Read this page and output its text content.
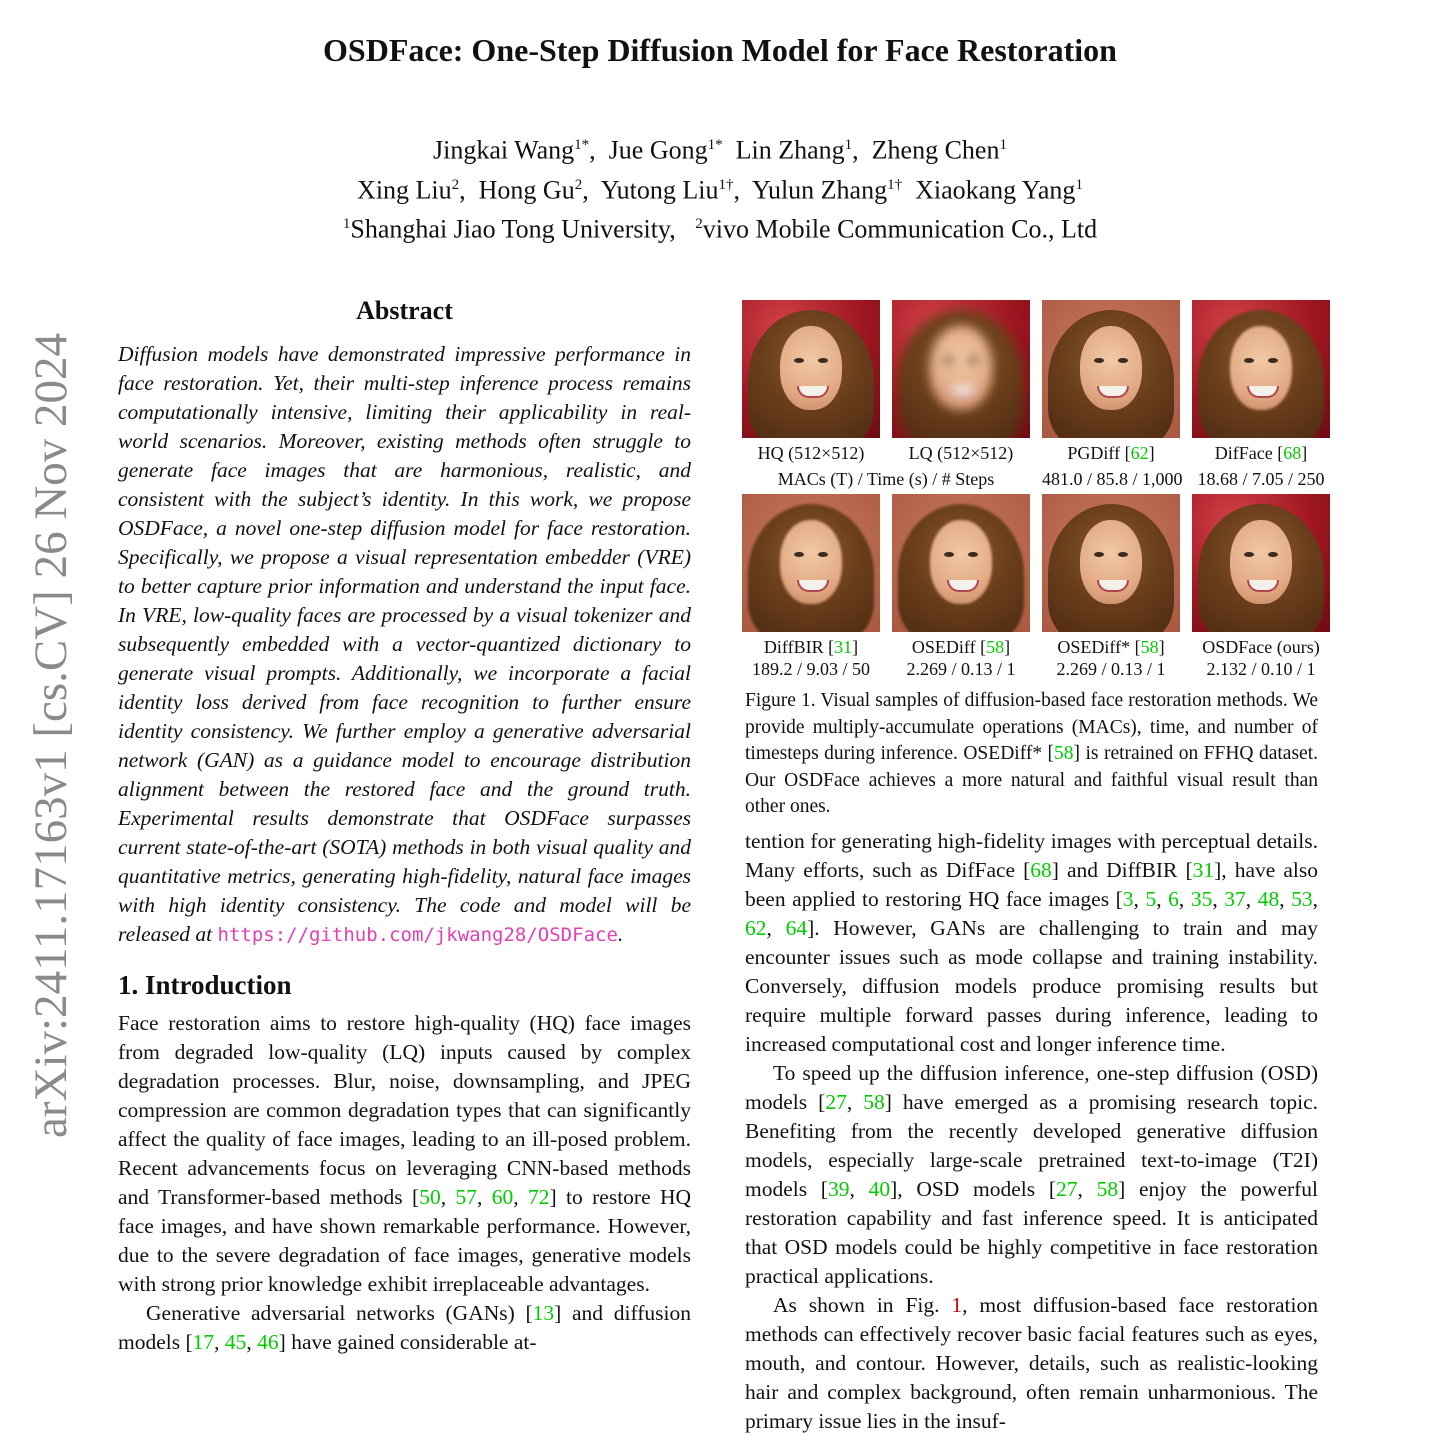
OSDFace: One-Step Diffusion Model for Face Restoration
Jingkai Wang$^{1*}$,  Jue Gong$^{1*}$ Lin Zhang$^1$,  Zheng Chen$^1$
Xing Liu$^2$,  Hong Gu$^2$,  Yutong Liu$^{1\dagger}$,  Yulun Zhang$^{1\dagger}$ Xiaokang Yang$^1$
$^1$Shanghai Jiao Tong University, $^2$vivo Mobile Communication Co., Ltd
arXiv:2411.17163v1 [cs.CV] 26 Nov 2024
Abstract

Diffusion models have demonstrated impressive performance in face restoration. Yet, their multi-step inference process remains computationally intensive, limiting their applicability in real-world scenarios. Moreover, existing methods often struggle to generate face images that are harmonious, realistic, and consistent with the subject’s identity. In this work, we propose OSDFace, a novel one-step diffusion model for face restoration. Specifically, we propose a visual representation embedder (VRE) to better capture prior information and understand the input face. In VRE, low-quality faces are processed by a visual tokenizer and subsequently embedded with a vector-quantized dictionary to generate visual prompts. Additionally, we incorporate a facial identity loss derived from face recognition to further ensure identity consistency. We further employ a generative adversarial network (GAN) as a guidance model to encourage distribution alignment between the restored face and the ground truth. Experimental results demonstrate that OSDFace surpasses current state-of-the-art (SOTA) methods in both visual quality and quantitative metrics, generating high-fidelity, natural face images with high identity consistency. The code and model will be released at https://github.com/jkwang28/OSDFace.

1. Introduction

Face restoration aims to restore high-quality (HQ) face images from degraded low-quality (LQ) inputs caused by complex degradation processes. Blur, noise, downsampling, and JPEG compression are common degradation types that can significantly affect the quality of face images, leading to an ill-posed problem. Recent advancements focus on leveraging CNN-based methods and Transformer-based methods [50, 57, 60, 72] to restore HQ face images, and have shown remarkable performance. However, due to the severe degradation of face images, generative models with strong prior knowledge exhibit irreplaceable advantages.

Generative adversarial networks (GANs) [13] and diffusion models [17, 45, 46] have gained considerable at-

HQ (512×512)	LQ (512×512)	PGDiff [62]	DifFace [68]
MACs (T) / Time (s) / # Steps	481.0 / 85.8 / 1,000 18.68 / 7.05 / 250
DiffBIR [31]
189.2 / 9.03 / 50
OSEDiff [58]
2.269 / 0.13 / 1
OSEDiff* [58]
2.269 / 0.13 / 1
OSDFace (ours)
2.132 / 0.10 / 1

Figure 1. Visual samples of diffusion-based face restoration methods. We provide multiply-accumulate operations (MACs), time, and number of timesteps during inference. OSEDiff* [58] is retrained on FFHQ dataset. Our OSDFace achieves a more natural and faithful visual result than other ones.

tention for generating high-fidelity images with perceptual details. Many efforts, such as DifFace [68] and DiffBIR [31], have also been applied to restoring HQ face images [3, 5, 6, 35, 37, 48, 53, 62, 64]. However, GANs are challenging to train and may encounter issues such as mode collapse and training instability. Conversely, diffusion models produce promising results but require multiple forward passes during inference, leading to increased computational cost and longer inference time.

To speed up the diffusion inference, one-step diffusion (OSD) models [27, 58] have emerged as a promising research topic. Benefiting from the recently developed generative diffusion models, especially large-scale pretrained text-to-image (T2I) models [39, 40], OSD models [27, 58] enjoy the powerful restoration capability and fast inference speed. It is anticipated that OSD models could be highly competitive in face restoration practical applications.

As shown in Fig. 1, most diffusion-based face restoration methods can effectively recover basic facial features such as eyes, mouth, and contour. However, details, such as realistic-looking hair and complex background, often remain unharmonious. The primary issue lies in the insuf-
